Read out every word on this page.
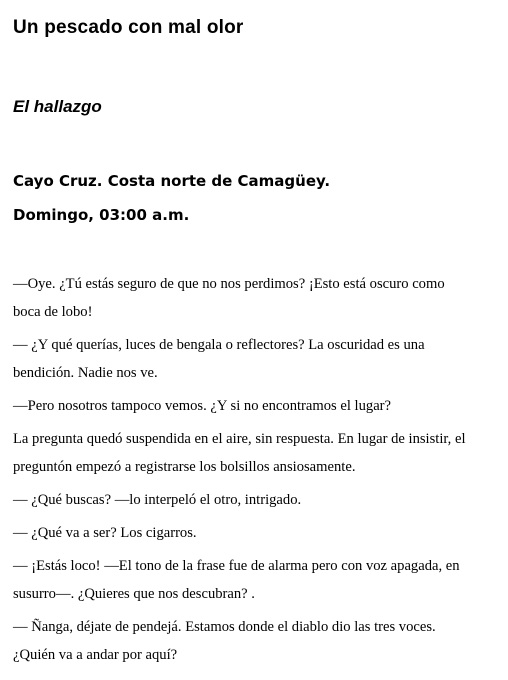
Un pescado con mal olor
El hallazgo
Cayo Cruz. Costa norte de Camagüey.
Domingo, 03:00 a.m.

—Oye. ¿Tú estás seguro de que no nos perdimos? ¡Esto está oscuro como
boca de lobo!

— ¿Y qué querías, luces de bengala o reflectores? La oscuridad es una
bendición. Nadie nos ve.

—Pero nosotros tampoco vemos. ¿Y si no encontramos el lugar?

La pregunta quedó suspendida en el aire, sin respuesta. En lugar de insistir, el
preguntón empezó a registrarse los bolsillos ansiosamente.

— ¿Qué buscas? —lo interpeló el otro, intrigado.

— ¿Qué va a ser? Los cigarros.

— ¡Estás loco! —El tono de la frase fue de alarma pero con voz apagada, en
susurro—. ¿Quieres que nos descubran? .

— Ñanga, déjate de pendejá. Estamos donde el diablo dio las tres voces.
¿Quién va a andar por aquí?
